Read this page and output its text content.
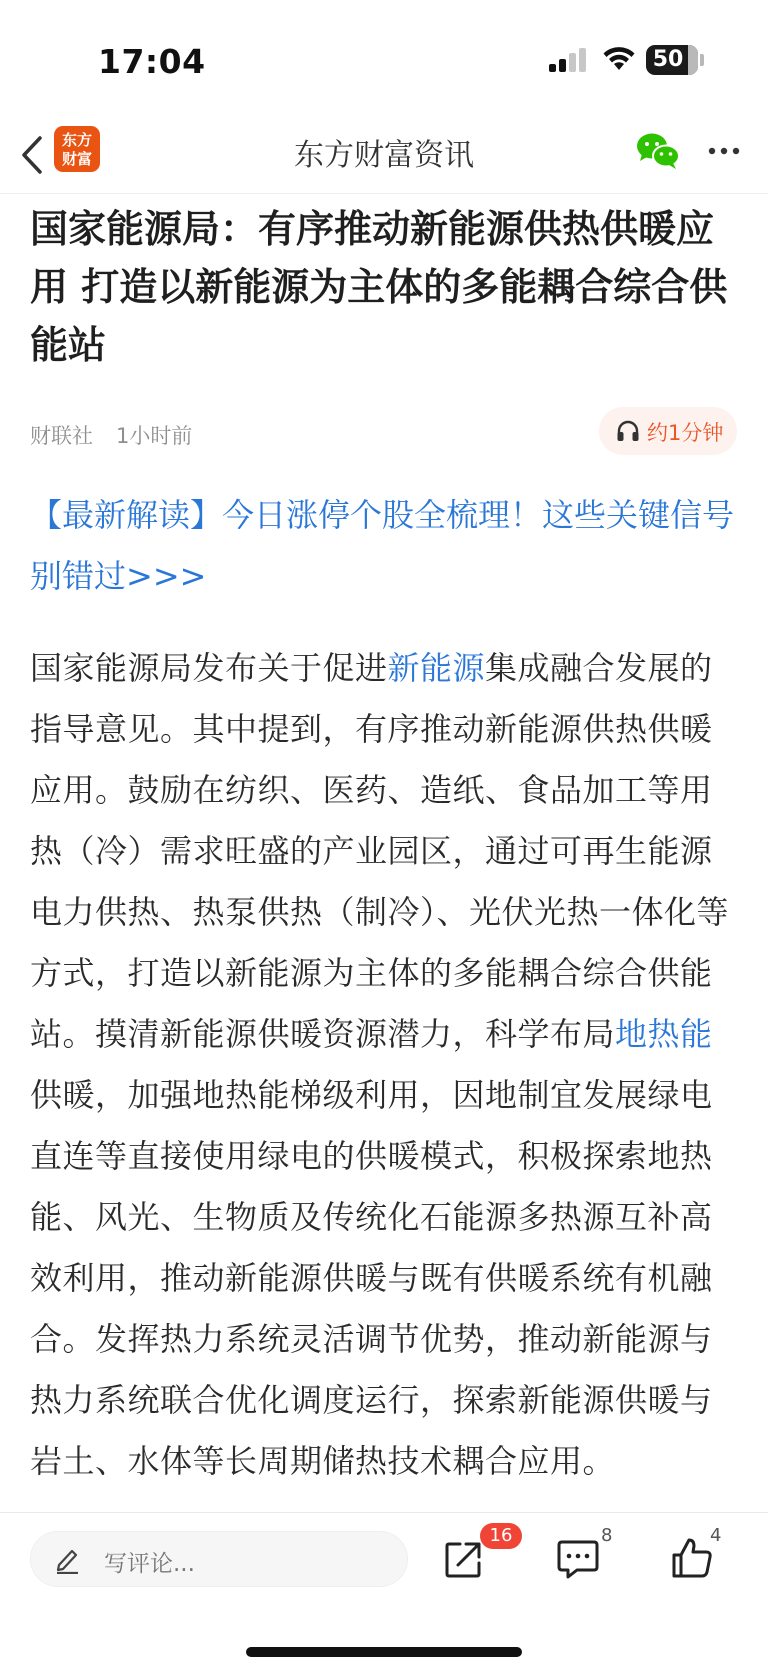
17:04	50
东方
财富	东方财富资讯
国家能源局：有序推动新能源供热供暖应用 打造以新能源为主体的多能耦合综合供能站
财联社 1小时前	约1分钟
【最新解读】今日涨停个股全梳理！这些关键信号别错过>>>
国家能源局发布关于促进新能源集成融合发展的指导意见。其中提到，有序推动新能源供热供暖应用。鼓励在纺织、医药、造纸、食品加工等用热（冷）需求旺盛的产业园区，通过可再生能源电力供热、热泵供热（制冷）、光伏光热一体化等方式，打造以新能源为主体的多能耦合综合供能站。摸清新能源供暖资源潜力，科学布局地热能供暖，加强地热能梯级利用，因地制宜发展绿电直连等直接使用绿电的供暖模式，积极探索地热能、风光、生物质及传统化石能源多热源互补高效利用，推动新能源供暖与既有供暖系统有机融合。发挥热力系统灵活调节优势，推动新能源与热力系统联合优化调度运行，探索新能源供暖与岩土、水体等长周期储热技术耦合应用。
写评论...
16	8	4
